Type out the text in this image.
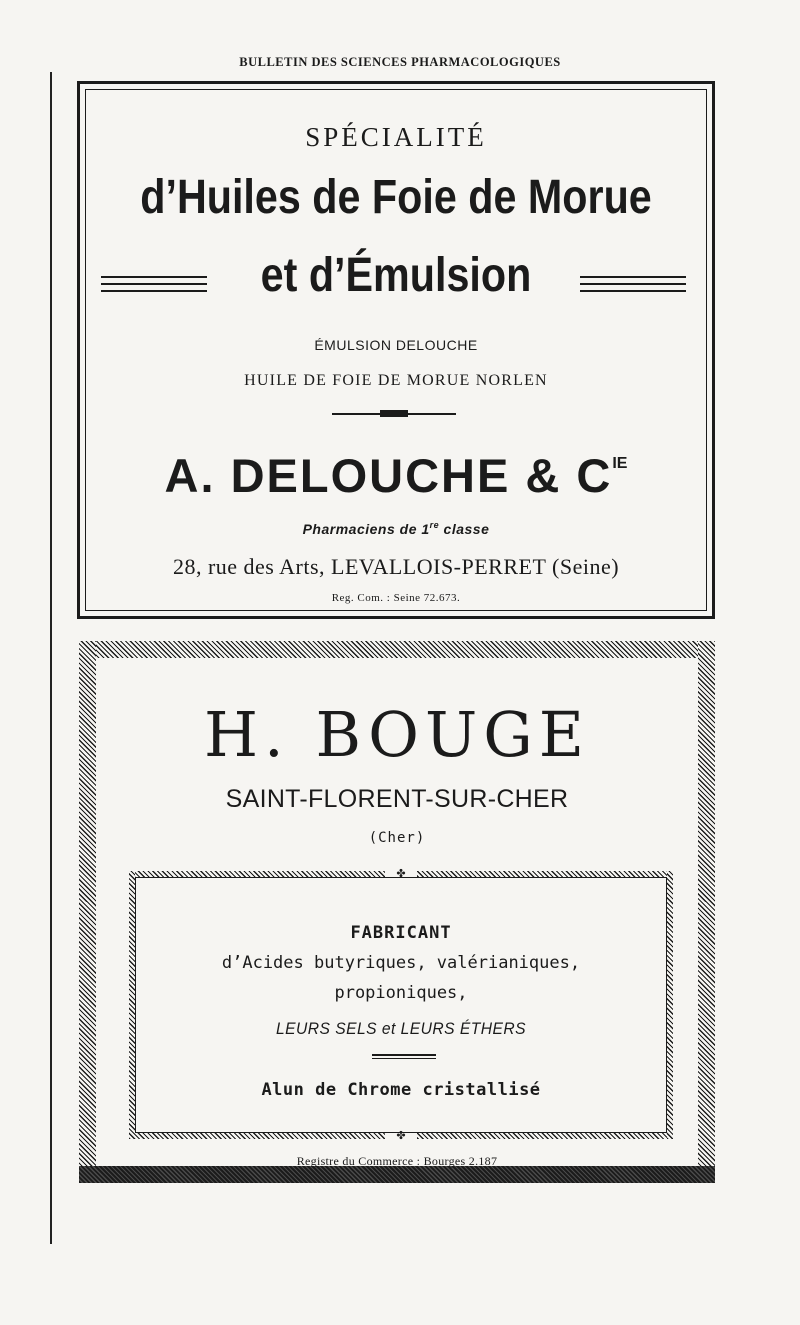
BULLETIN DES SCIENCES PHARMACOLOGIQUES
SPÉCIALITÉ
d’Huiles de Foie de Morue
et d’Émulsion
ÉMULSION DELOUCHE
HUILE DE FOIE DE MORUE NORLEN
A. DELOUCHE & $C^{IE}$
Pharmaciens de 1re classe
28, rue des Arts, LEVALLOIS-PERRET (Seine)
Reg. Com. : Seine 72.673.
H. BOUGE
SAINT-FLORENT-SUR-CHER
(Cher)
✤
✤
FABRICANT
d’Acides butyriques, valérianiques,
propioniques,
LEURS SELS et LEURS ÉTHERS
Alun de Chrome cristallisé
Registre du Commerce : Bourges 2.187
